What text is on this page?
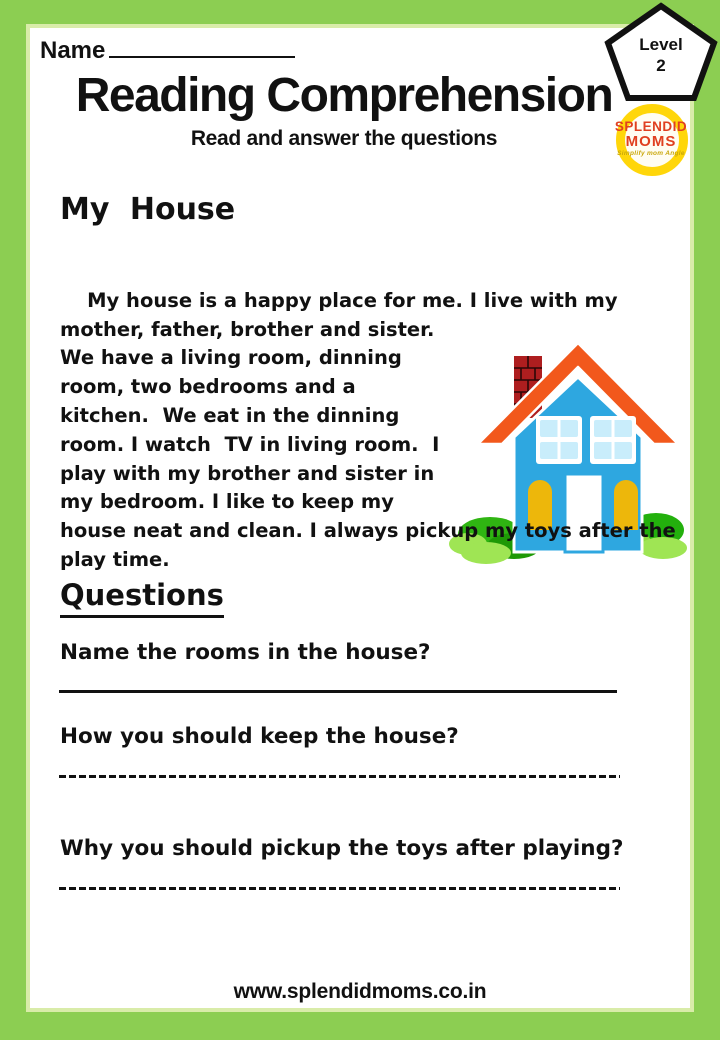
Name	Level
2
SPLENDID
MOMS
Simplify mom Angle
Reading Comprehension
Read and answer the questions
My House

My house is a happy place for me. I live with my mother, father, brother and sister.  We have a living room, dinning room, two bedrooms and a kitchen.  We eat in the dinning room. I watch  TV in living room.  I play with my brother and sister in my bedroom. I like to keep my house neat and clean. I always pickup my toys after the play time.

Questions
Name the rooms in the house?
How you should keep the house?
Why you should pickup the toys after playing?
www.splendidmoms.co.in
